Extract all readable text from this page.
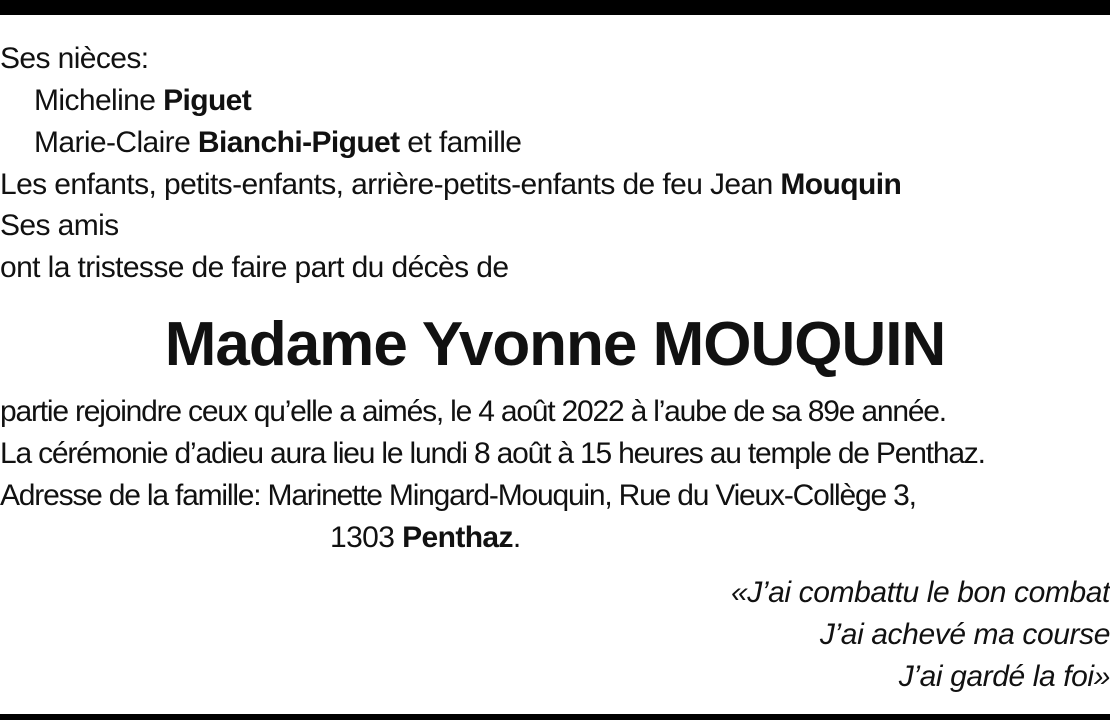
Ses nièces:
Micheline Piguet
Marie-Claire Bianchi-Piguet et famille
Les enfants, petits-enfants, arrière-petits-enfants de feu Jean Mouquin
Ses amis
ont la tristesse de faire part du décès de
Madame Yvonne MOUQUIN
partie rejoindre ceux qu’elle a aimés, le 4 août 2022 à l’aube de sa 89e année.
La cérémonie d’adieu aura lieu le lundi 8 août à 15 heures au temple de Penthaz.
Adresse de la famille: Marinette Mingard-Mouquin, Rue du Vieux-Collège 3,
1303 Penthaz.
«J’ai combattu le bon combat
J’ai achevé ma course
J’ai gardé la foi»
